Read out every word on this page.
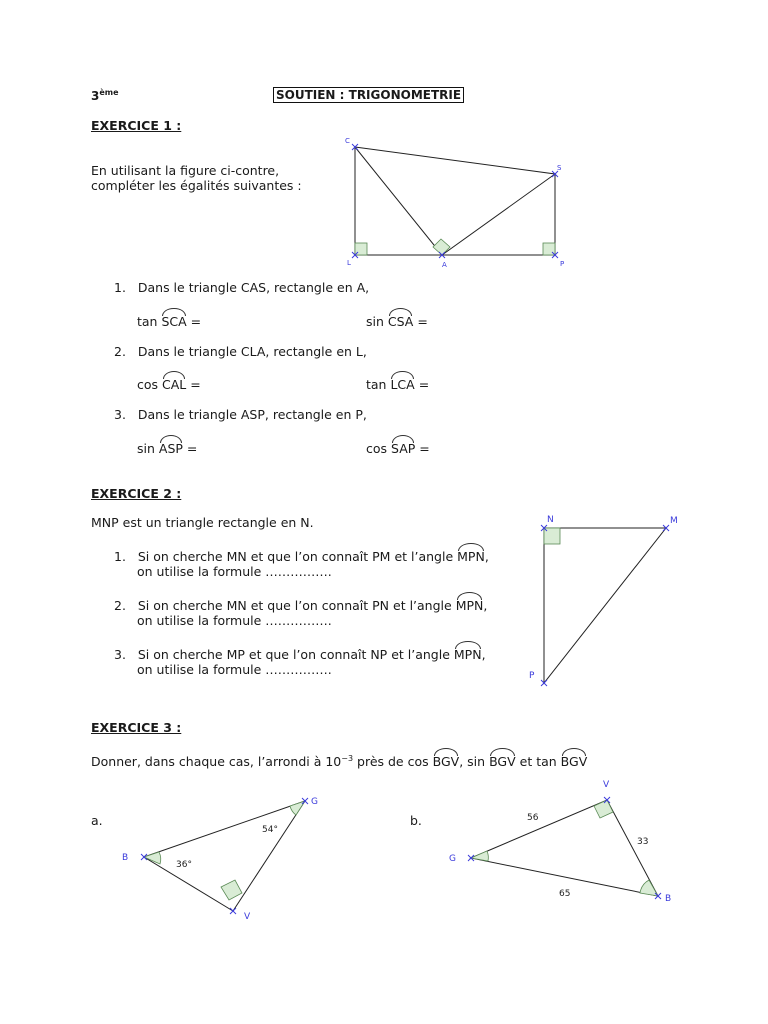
3ème	SOUTIEN : TRIGONOMETRIE
EXERCICE 1 :
En utilisant la figure ci-contre,
compléter les égalités suivantes :
C
S
L	A	P
1. Dans le triangle CAS, rectangle en A,
tan SCA =	sin CSA =
2. Dans le triangle CLA, rectangle en L,
cos CAL =	tan LCA =
3. Dans le triangle ASP, rectangle en P,
sin ASP =	cos SAP =
EXERCICE 2 :
MNP est un triangle rectangle en N.
1. Si on cherche MN et que l’on connaît PM et l’angle MPN,
on utilise la formule …………….
2. Si on cherche MN et que l’on connaît PN et l’angle MPN,
on utilise la formule …………….
3. Si on cherche MP et que l’on connaît NP et l’angle MPN,
on utilise la formule …………….
N	M
P
EXERCICE 3 :
Donner, dans chaque cas, l’arrondi à $10^{-3}$ près de cos BGV, sin BGV et tan BGV
a.	b.
B
G
V
54°
36°
G
V
B
56
33
65
